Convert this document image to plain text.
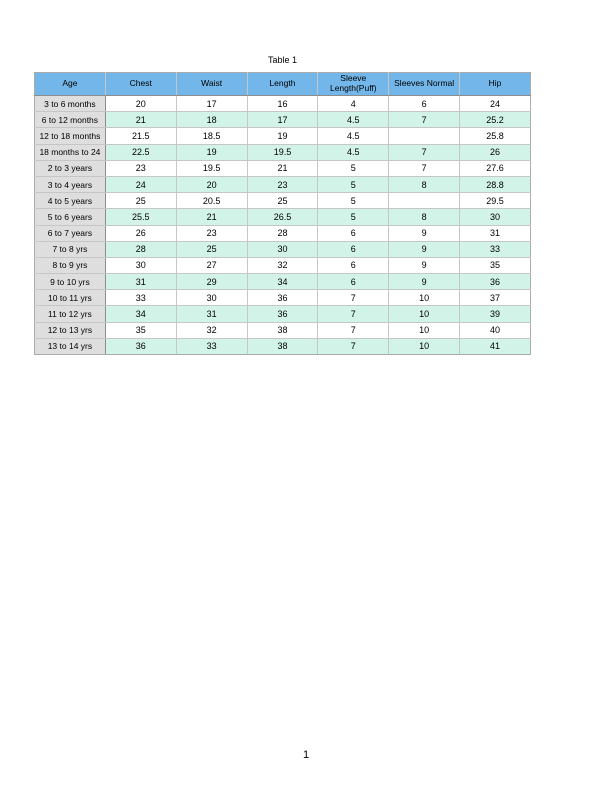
Table 1
Age	Chest	Waist	Length	Sleeve Length(Puff)	Sleeves Normal	Hip
3 to 6 months	20	17	16	4	6	24
6 to 12 months	21	18	17	4.5	7	25.2
12 to 18 months	21.5	18.5	19	4.5		25.8
18 months to 24	22.5	19	19.5	4.5	7	26
2 to 3 years	23	19.5	21	5	7	27.6
3 to 4 years	24	20	23	5	8	28.8
4 to 5 years	25	20.5	25	5		29.5
5 to 6 years	25.5	21	26.5	5	8	30
6 to 7 years	26	23	28	6	9	31
7 to 8 yrs	28	25	30	6	9	33
8 to 9 yrs	30	27	32	6	9	35
9 to 10 yrs	31	29	34	6	9	36
10 to 11 yrs	33	30	36	7	10	37
11 to 12 yrs	34	31	36	7	10	39
12 to 13 yrs	35	32	38	7	10	40
13 to 14 yrs	36	33	38	7	10	41
1
